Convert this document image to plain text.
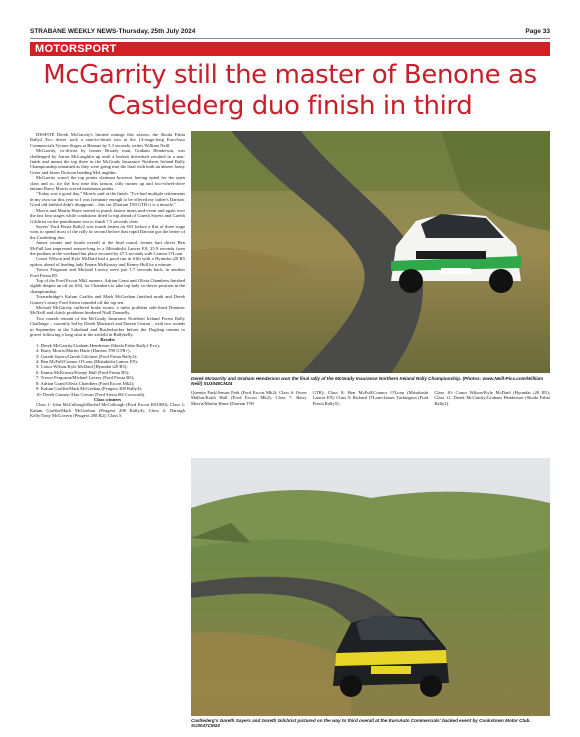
STRABANE WEEKLY NEWS-Thursday, 25th July 2024	Page 33
MOTORSPORT
McGarrity still the master of Benone as Castlederg duo finish in third

DESPITE Derek McGarrity's limited outings this season, the Skoda Fabia Rally2 Evo driver took a start-to-finish win at the 14-stage-long EuroAuto Commercials Tyrone Stages at Benone by 5.3 seconds, writes William Neill.

McGarrity, co-driven by former Broady man, Graham Henderson, was challenged by Aaron McLaughlin up until a broken driveshaft resulted in a non-finish and meant the top three in the McGrady Insurance Northern Ireland Rally Championship remained as they were going into the final with both an absent Jonny Greer and Jason Dickson heading McLaughlin.

McGarrity wasn't the top points claimant however having opted for the open class and so, for the first time this season, rally runner up and two-wheel-drive entrant Barry Morris scored maximum points.

"Today was a good day," Morris said at the finish. "I've had multiple retirements in my own car this year so I was fortunate enough to be offered my father's Darrian. Good old faithful didn't disappoint – this car (Darrian T90 GTR+) is a missile."

Morris and Martin Harte started to punch fastest times mid-event and again over the last four stages while conditions dried to nip ahead of Gareth Sayers and Gareth Gilchrist on the penultimate test to finish 7.5 seconds clear.

Sayers' Ford Fiesta Rally2 was fourth fastest on SS1 before a flirt of three stage wins to spend most of the rally in second before that rapid Darrian got the better of the Castlederg duo.

Junior winner and fourth overall at the final round, former kart driver Ben McFull has impressed season-long in a Mitsubishi Lancer E9, 25.9 seconds from the podium at the weekend but place secured by 47.3 seconds with Connor O'Loan.

Conor Wilson and Kyle McDaid had a good run in fifth with a Hyundai i20 R5 option, ahead of leading lady Emma McKinstry and Kenny Hull by a minute.

Trevor Ferguson and Michael Lavery were just 1.7 seconds back, in another Ford Fiesta R5.

Top of the Ford Escort Mk2 runners, Adrian Grant and Olivia Chambers finished eighth despite an off on SS4, for Chambers to take top lady co-driver position in the championship.

Toomebridge's Kalum Graffin and Mark McGeehan finished ninth and Derek Gurney's trusty Ford Sierra rounded off the top ten.

Michael McGarrity suffered brake issues, a turbo problem side-lined Dominic McNeill and clutch problems hindered Niall Donnelly.

Two rounds remain of the McGrady Insurance Northern Ireland Forest Rally Challenge – currently led by Derek Mackarel and Darren Curran – with two rounds in September at the Lakeland and Bushwhacker before the Dogleap returns to gravel following a long stint at the airfield in Ballykelly.

Results

1: Derek McGarrity/Graham Henderson (Skoda Fabia Rally2 Evo);

2: Barry Morris/Martin Harte (Darrian T90 GTR+);

3: Gareth Sayers/Gareth Gilchrist (Ford Fiesta Rally2);

4: Ben McFull/Connor O'Loan (Mitsubishi Lancer E9);

5: Conor Wilson/Kyle McDaid (Hyundai i20 R5);

6: Emma McKinstry/Kenny Hull (Ford Fiesta R5);

7: Trevor Ferguson/Michael Lavery (Ford Fiesta R5);

8: Adrian Grant/Olivia Chambers (Ford Escort Mk2);

9: Kalum Graffin/Mark McGeehan (Peugeot 208 Rally4);

10: Derek Gurney/Alan Cowan (Ford Sierra RS Cosworth).

Class winners

Class 1: John McCullough/Rachel McCullough (Ford Escort RS1800); Class 2: Kalum Graffin/Mark McGeehan (Peugeot 208 Rally4); Class 4: Darragh Kelly/Tony McGovern (Peugeot 208 R2); Class 5:

Derek McGarrity and Graham Henderson won the final rally of the McGrady Insurance Northern Ireland Rally Championship. (Photos: www.Neill-Pics.com/William Neill) SU3046CM24
Quentin Park/Jenson Park (Ford Escort Mk2); Class 6: Owen Mallon/Keith Hull (Ford Escort Mk2); Class 7: Barry Morris/Martin Harte (Darrian T90
GTR); Class 8: Ben McFull/Connor O'Loan (Mitsubishi Lancer E9); Class 9: Richard O'Lone/James Turkington (Ford Fiesta Rally5);
Class 10: Conor Wilson/Kyle McDaid (Hyundai i20 R5); Class 11: Derek McGarrity/Graham Henderson (Skoda Fabia Rally2).
Castlederg's Gareth Sayers and Gareth Gilchrist pictured on the way to third overall at the EuroAuto Commercials' backed event by Cookstown Motor Club. SU3047CM24
